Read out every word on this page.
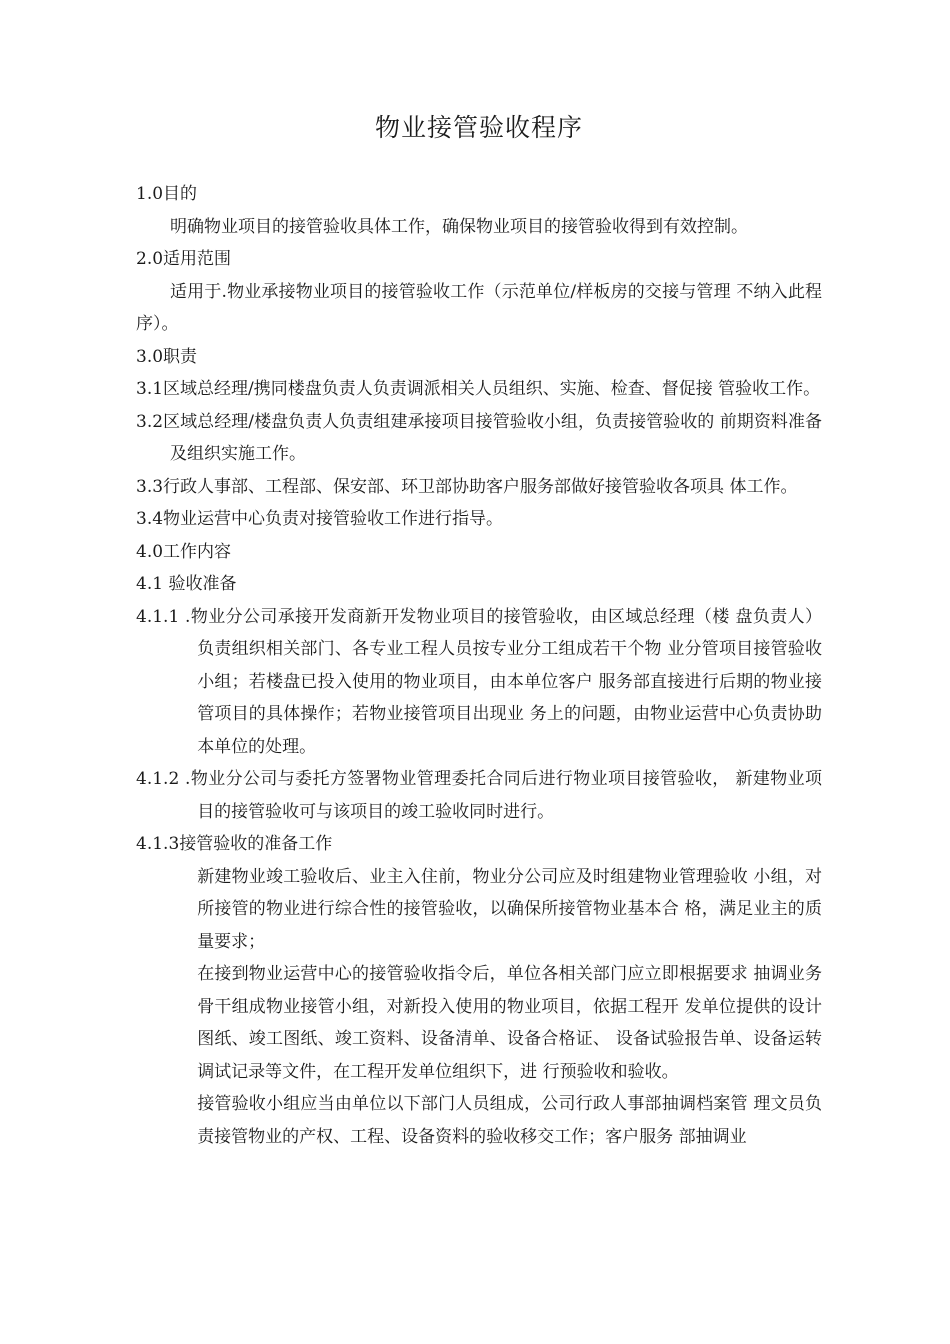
物业接管验收程序

1.0目的

明确物业项目的接管验收具体工作，确保物业项目的接管验收得到有效控制。

2.0适用范围

适用于.物业承接物业项目的接管验收工作（示范单位/样板房的交接与管理 不纳入此程序）。

3.0职责

3.1区域总经理/携同楼盘负责人负责调派相关人员组织、实施、检查、督促接 管验收工作。

3.2区域总经理/楼盘负责人负责组建承接项目接管验收小组，负责接管验收的 前期资料准备及组织实施工作。

3.3行政人事部、工程部、保安部、环卫部协助客户服务部做好接管验收各项具 体工作。

3.4物业运营中心负责对接管验收工作进行指导。

4.0工作内容

4.1 验收准备

4.1.1 .物业分公司承接开发商新开发物业项目的接管验收，由区域总经理（楼 盘负责人）负责组织相关部门、各专业工程人员按专业分工组成若干个物 业分管项目接管验收小组；若楼盘已投入使用的物业项目，由本单位客户 服务部直接进行后期的物业接管项目的具体操作；若物业接管项目出现业 务上的问题，由物业运营中心负责协助本单位的处理。

4.1.2 .物业分公司与委托方签署物业管理委托合同后进行物业项目接管验收， 新建物业项目的接管验收可与该项目的竣工验收同时进行。

4.1.3接管验收的准备工作

新建物业竣工验收后、业主入住前，物业分公司应及时组建物业管理验收 小组，对所接管的物业进行综合性的接管验收，以确保所接管物业基本合 格，满足业主的质量要求；

在接到物业运营中心的接管验收指令后，单位各相关部门应立即根据要求 抽调业务骨干组成物业接管小组，对新投入使用的物业项目，依据工程开 发单位提供的设计图纸、竣工图纸、竣工资料、设备清单、设备合格证、 设备试验报告单、设备运转调试记录等文件，在工程开发单位组织下，进 行预验收和验收。

接管验收小组应当由单位以下部门人员组成，公司行政人事部抽调档案管 理文员负责接管物业的产权、工程、设备资料的验收移交工作；客户服务 部抽调业
